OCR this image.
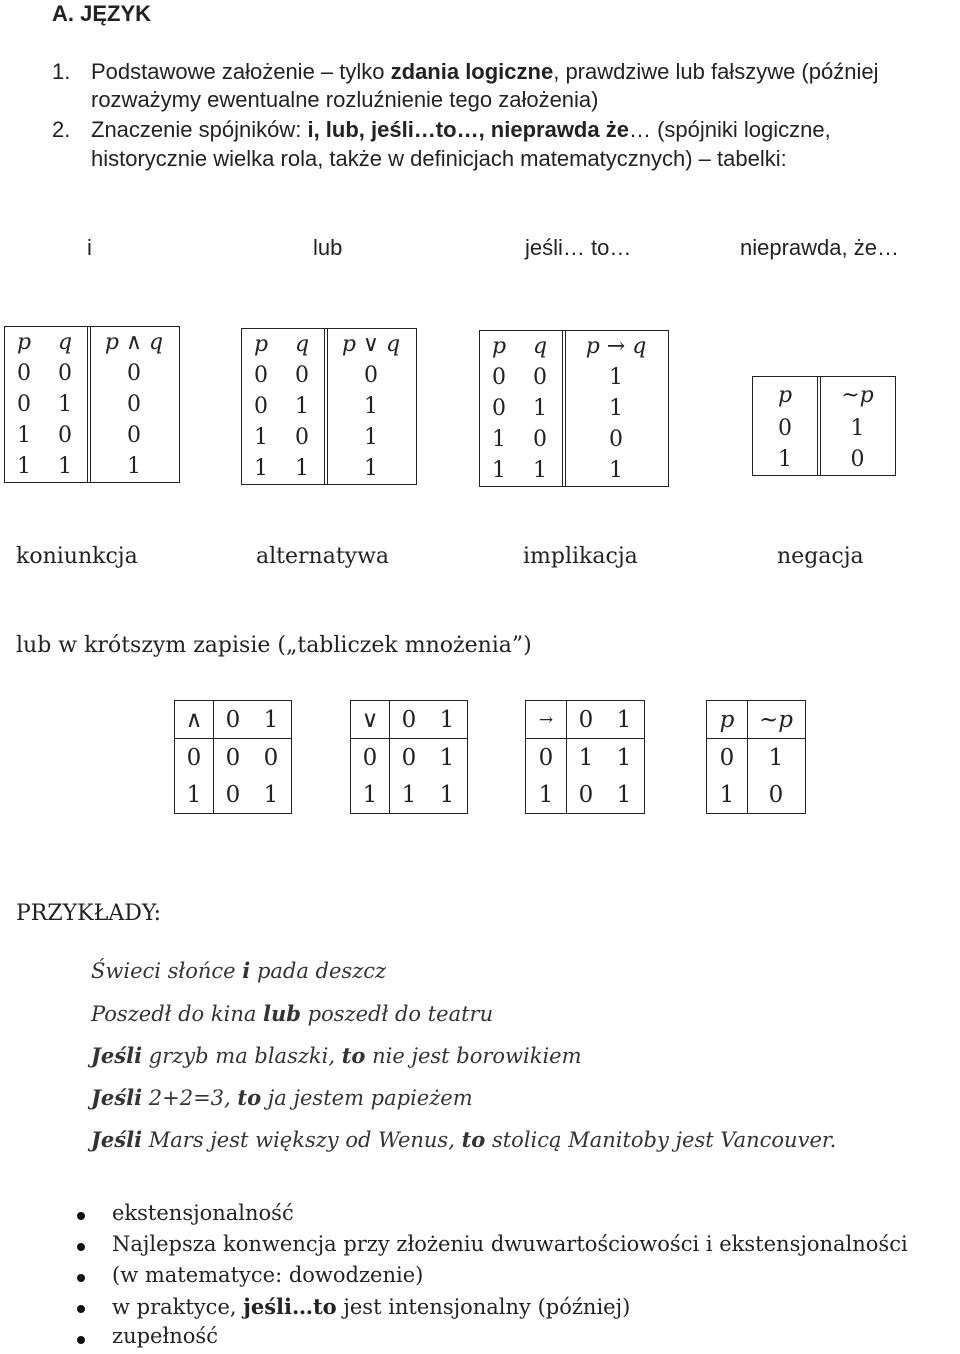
A. JĘZYK
1. Podstawowe założenie – tylko zdania logiczne, prawdziwe lub fałszywe (później
rozważymy ewentualne rozluźnienie tego założenia)
2. Znaczenie spójników: i, lub, jeśli…to…, nieprawda że… (spójniki logiczne,
historycznie wielka rola, także w definicjach matematycznych) – tabelki:
i	lub	jeśli… to…	nieprawda, że…
p	q	p ∧ q
0	0	0
0	1	0
1	0	0
1	1	1
p	q	p ∨ q
0	0	0
0	1	1
1	0	1
1	1	1
p	q	p → q
0	0	1
0	1	1
1	0	0
1	1	1
p	~p
0	1
1	0
koniunkcja	alternatywa	implikacja	negacja
lub w krótszym zapisie („tabliczek mnożenia”)
∧	0	1
0	0	0
1	0	1
∨	0	1
0	0	1
1	1	1
→	0	1
0	1	1
1	0	1
p	~p
0	1
1	0
PRZYKŁADY:
Świeci słońce i pada deszcz
Poszedł do kina lub poszedł do teatru
Jeśli grzyb ma blaszki, to nie jest borowikiem
Jeśli 2+2=3, to ja jestem papieżem
Jeśli Mars jest większy od Wenus, to stolicą Manitoby jest Vancouver.
ekstensjonalność
Najlepsza konwencja przy złożeniu dwuwartościowości i ekstensjonalności
(w matematyce: dowodzenie)
w praktyce, jeśli…to jest intensjonalny (później)
zupełność
